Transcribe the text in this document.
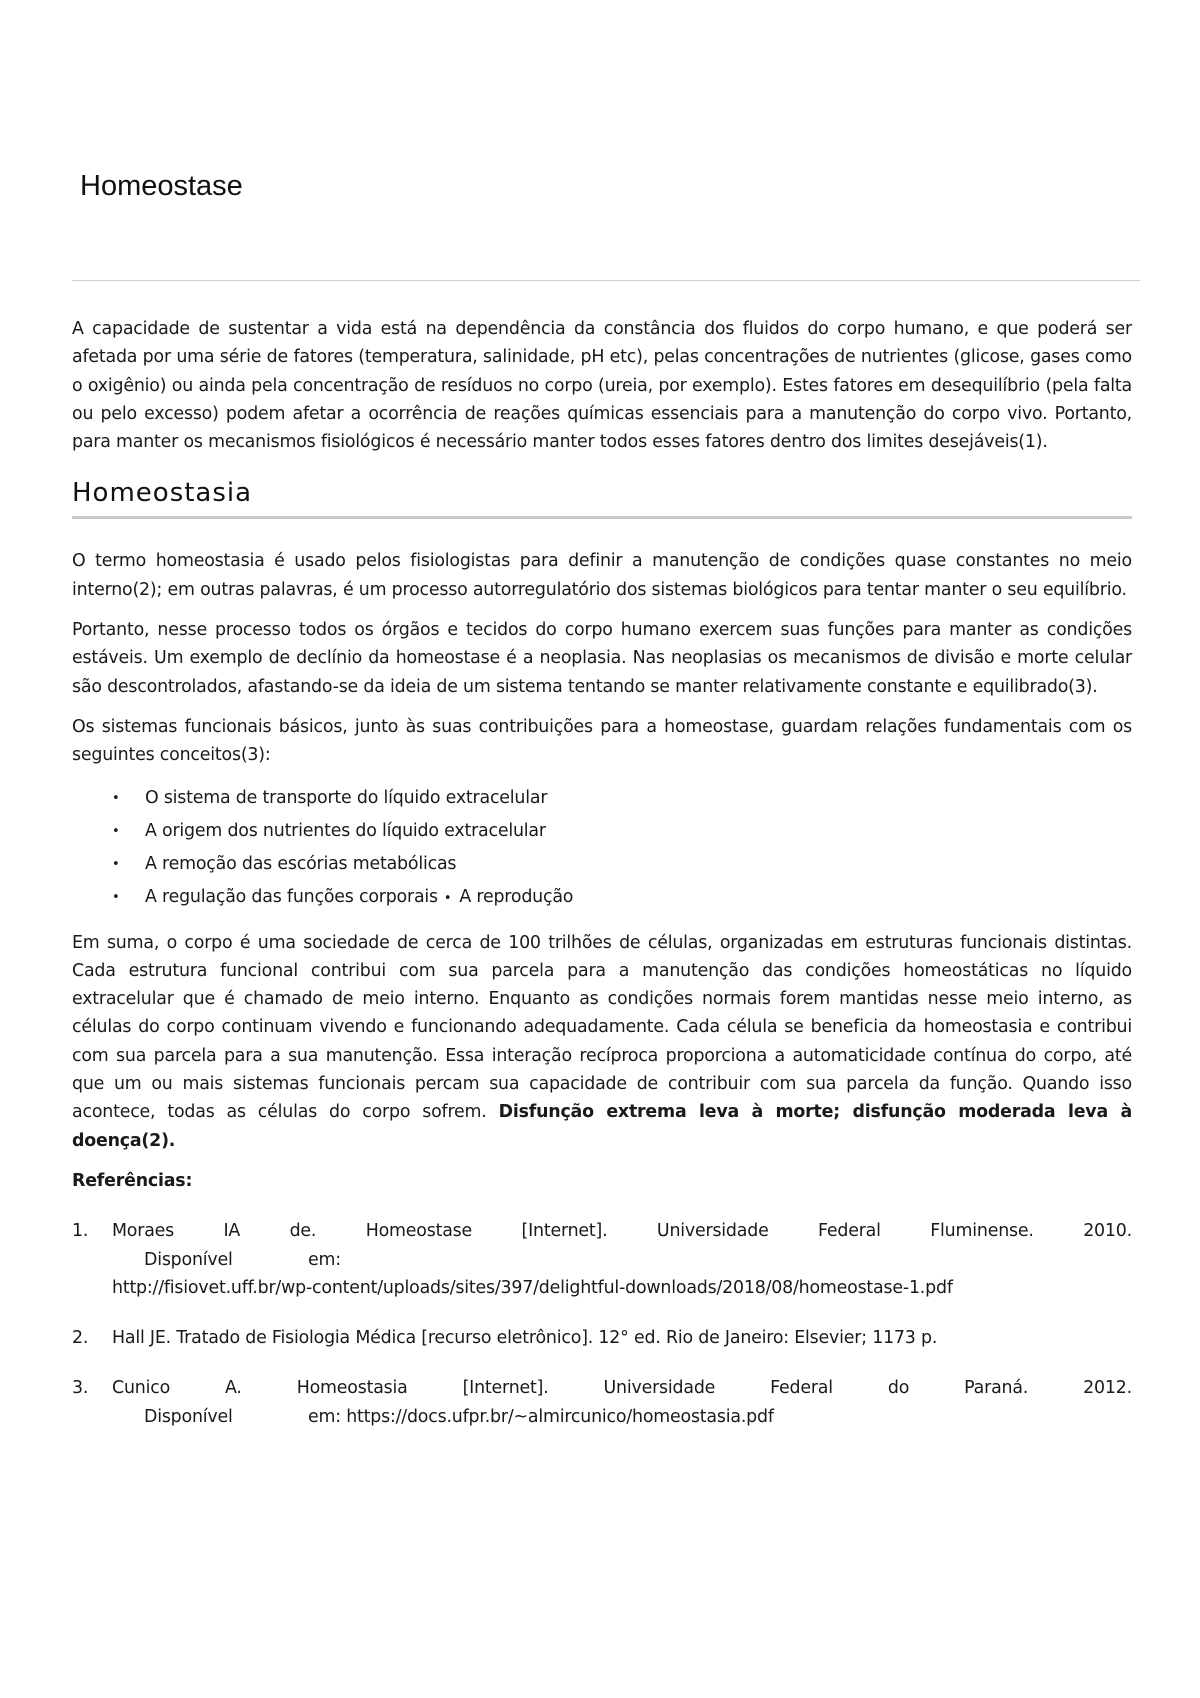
Homeostase

A capacidade de sustentar a vida está na dependência da constância dos fluidos do corpo humano, e que poderá ser afetada por uma série de fatores (temperatura, salinidade, pH etc), pelas concentrações de nutrientes (glicose, gases como o oxigênio) ou ainda pela concentração de resíduos no corpo (ureia, por exemplo). Estes fatores em desequilíbrio (pela falta ou pelo excesso) podem afetar a ocorrência de reações químicas essenciais para a manutenção do corpo vivo. Portanto, para manter os mecanismos fisiológicos é necessário manter todos esses fatores dentro dos limites desejáveis(1).

Homeostasia

O termo homeostasia é usado pelos fisiologistas para definir a manutenção de condições quase constantes no meio interno(2); em outras palavras, é um processo autorregulatório dos sistemas biológicos para tentar manter o seu equilíbrio.

Portanto, nesse processo todos os órgãos e tecidos do corpo humano exercem suas funções para manter as condições estáveis. Um exemplo de declínio da homeostase é a neoplasia. Nas neoplasias os mecanismos de divisão e morte celular são descontrolados, afastando-se da ideia de um sistema tentando se manter relativamente constante e equilibrado(3).

Os sistemas funcionais básicos, junto às suas contribuições para a homeostase, guardam relações fundamentais com os seguintes conceitos(3):

• O sistema de transporte do líquido extracelular
• A origem dos nutrientes do líquido extracelular
• A remoção das escórias metabólicas
• A regulação das funções corporais • A reprodução

Em suma, o corpo é uma sociedade de cerca de 100 trilhões de células, organizadas em estruturas funcionais distintas. Cada estrutura funcional contribui com sua parcela para a manutenção das condições homeostáticas no líquido extracelular que é chamado de meio interno. Enquanto as condições normais forem mantidas nesse meio interno, as células do corpo continuam vivendo e funcionando adequadamente. Cada célula se beneficia da homeostasia e contribui com sua parcela para a sua manutenção. Essa interação recíproca proporciona a automaticidade contínua do corpo, até que um ou mais sistemas funcionais percam sua capacidade de contribuir com sua parcela da função. Quando isso acontece, todas as células do corpo sofrem. Disfunção extrema leva à morte; disfunção moderada leva à doença(2).

Referências:

1. Moraes	IA	de.	Homeostase	[Internet].	Universidade	Federal	Fluminense.	2010.
Disponível	em:
http://fisiovet.uff.br/wp-content/uploads/sites/397/delightful-downloads/2018/08/homeostase-1.pdf
2. Hall JE. Tratado de Fisiologia Médica [recurso eletrônico]. 12° ed. Rio de Janeiro: Elsevier; 1173 p.
3. Cunico	A.	Homeostasia	[Internet].	Universidade	Federal	do	Paraná.	2012.
Disponível	em: https://docs.ufpr.br/~almircunico/homeostasia.pdf
